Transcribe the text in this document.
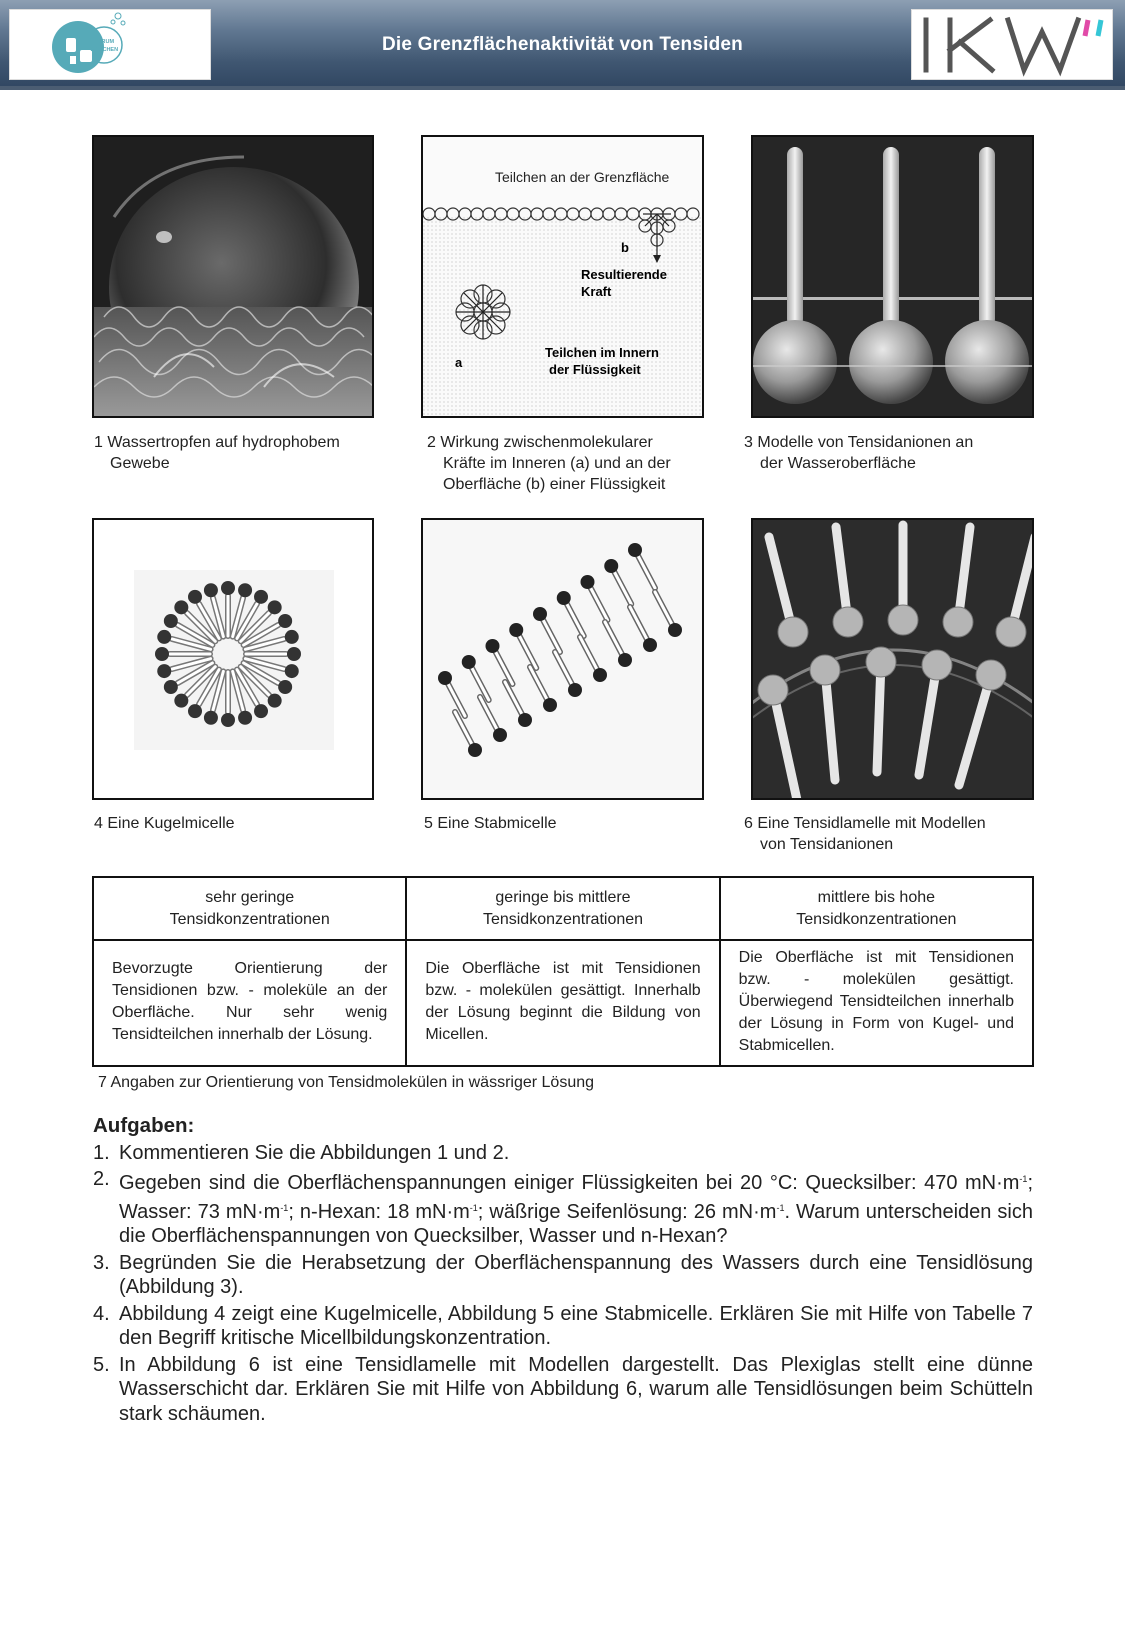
FORUM
WASCHEN	Die Grenzflächenaktivität von Tensiden
1 Wassertropfen auf hydrophobem
Gewebe
Teilchen an der Grenzfläche
b
Resultierende
Kraft
a
Teilchen im Innern
der Flüssigkeit
2 Wirkung zwischenmolekularer
Kräfte im Inneren (a) und an der
Oberfläche (b) einer Flüssigkeit
3 Modelle von Tensidanionen an
der Wasseroberfläche
4 Eine Kugelmicelle	5 Eine Stabmicelle	6 Eine Tensidlamelle mit Modellen
von Tensidanionen
sehr geringe
Tensidkonzentrationen	geringe bis mittlere
Tensidkonzentrationen	mittlere bis hohe
Tensidkonzentrationen
Bevorzugte Orientierung der Tensidionen bzw. - moleküle an der Oberfläche. Nur sehr wenig Tensidteilchen innerhalb der Lösung.	Die Oberfläche ist mit Tensidionen bzw. - molekülen gesättigt. Innerhalb der Lösung beginnt die Bildung von Micellen.	Die Oberfläche ist mit Tensidionen bzw. - molekülen gesättigt. Überwiegend Tensidteilchen innerhalb der Lösung in Form von Kugel- und Stabmicellen.
7 Angaben zur Orientierung von Tensidmolekülen in wässriger Lösung
Aufgaben:
1. Kommentieren Sie die Abbildungen 1 und 2.
2. Gegeben sind die Oberflächenspannungen einiger Flüssigkeiten bei 20 °C: Quecksilber: 470 $mN\cdot m^{-1}$; Wasser: 73 $mN\cdot m^{-1}$; n-Hexan: 18 $mN\cdot m^{-1}$; wäßrige Seifenlösung: 26 $mN\cdot m^{-1}$. Warum unterscheiden sich die Oberflächenspannungen von Quecksilber, Wasser und n-Hexan?
3. Begründen Sie die Herabsetzung der Oberflächenspannung des Wassers durch eine Tensidlösung (Abbildung 3).
4. Abbildung 4 zeigt eine Kugelmicelle, Abbildung 5 eine Stabmicelle. Erklären Sie mit Hilfe von Tabelle 7 den Begriff kritische Micellbildungskonzentration.
5. In Abbildung 6 ist eine Tensidlamelle mit Modellen dargestellt. Das Plexiglas stellt eine dünne Wasserschicht dar. Erklären Sie mit Hilfe von Abbildung 6, warum alle Tensidlösungen beim Schütteln stark schäumen.
